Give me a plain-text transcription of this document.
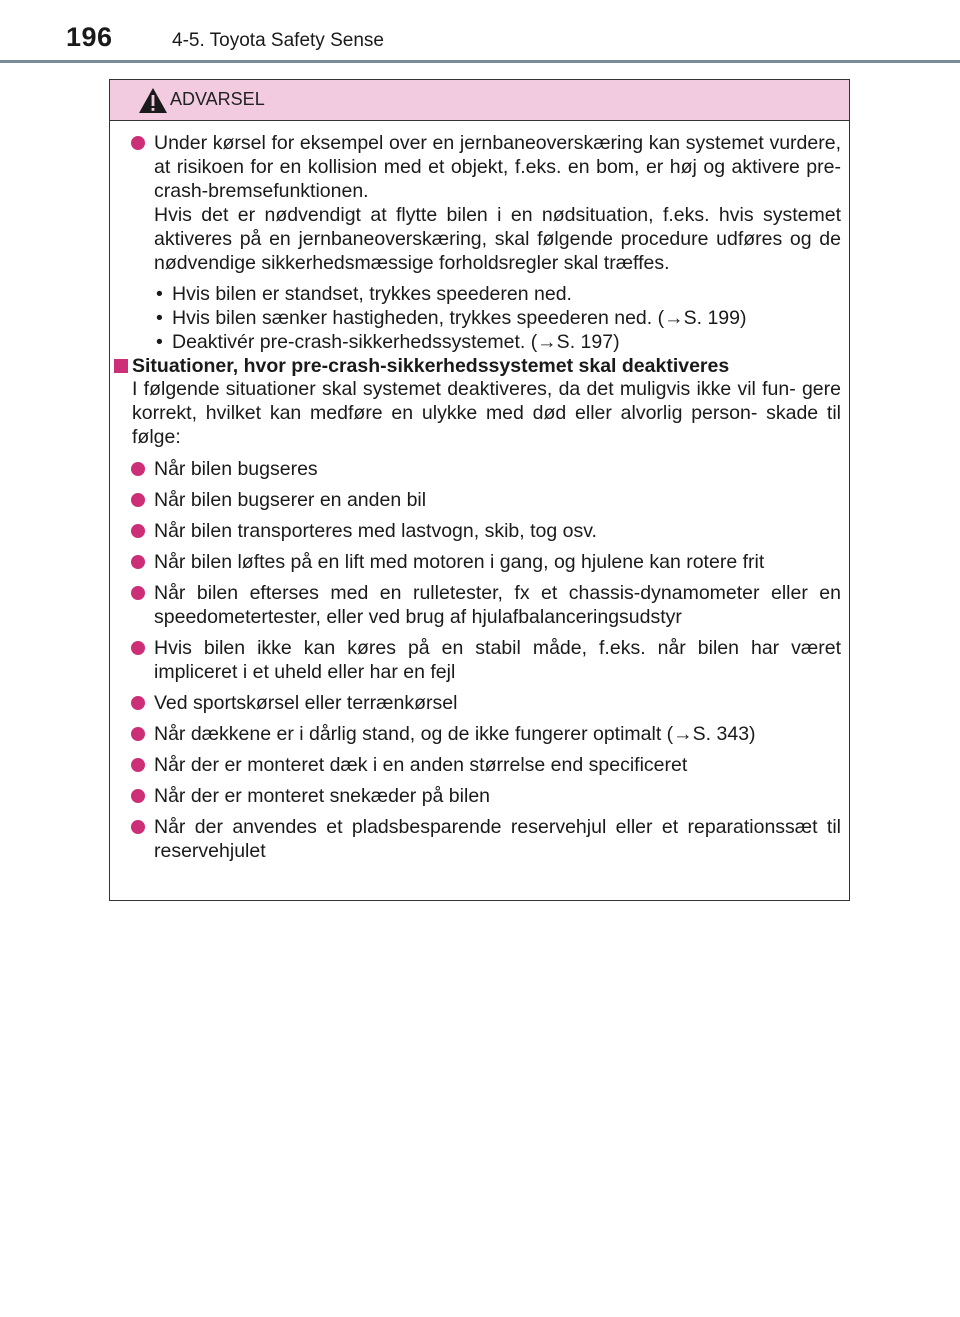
196	4-5. Toyota Safety Sense
ADVARSEL
Under kørsel for eksempel over en jernbaneoverskæring kan systemet vurdere, at risikoen for en kollision med et objekt, f.eks. en bom, er høj og aktivere pre-crash-bremsefunktionen.
Hvis det er nødvendigt at flytte bilen i en nødsituation, f.eks. hvis systemet aktiveres på en jernbaneoverskæring, skal følgende procedure udføres og de nødvendige sikkerhedsmæssige forholdsregler skal træffes.
• Hvis bilen er standset, trykkes speederen ned.
• Hvis bilen sænker hastigheden, trykkes speederen ned. (→S. 199)
• Deaktivér pre-crash-sikkerhedssystemet. (→S. 197)
Situationer, hvor pre-crash-sikkerhedssystemet skal deaktiveres
I følgende situationer skal systemet deaktiveres, da det muligvis ikke vil fun- gere korrekt, hvilket kan medføre en ulykke med død eller alvorlig person- skade til følge:
Når bilen bugseres
Når bilen bugserer en anden bil
Når bilen transporteres med lastvogn, skib, tog osv.
Når bilen løftes på en lift med motoren i gang, og hjulene kan rotere frit
Når bilen efterses med en rulletester, fx et chassis-dynamometer eller en speedometertester, eller ved brug af hjulafbalanceringsudstyr
Hvis bilen ikke kan køres på en stabil måde, f.eks. når bilen har været impliceret i et uheld eller har en fejl
Ved sportskørsel eller terrænkørsel
Når dækkene er i dårlig stand, og de ikke fungerer optimalt (→S. 343)
Når der er monteret dæk i en anden størrelse end specificeret
Når der er monteret snekæder på bilen
Når der anvendes et pladsbesparende reservehjul eller et reparationssæt til reservehjulet
